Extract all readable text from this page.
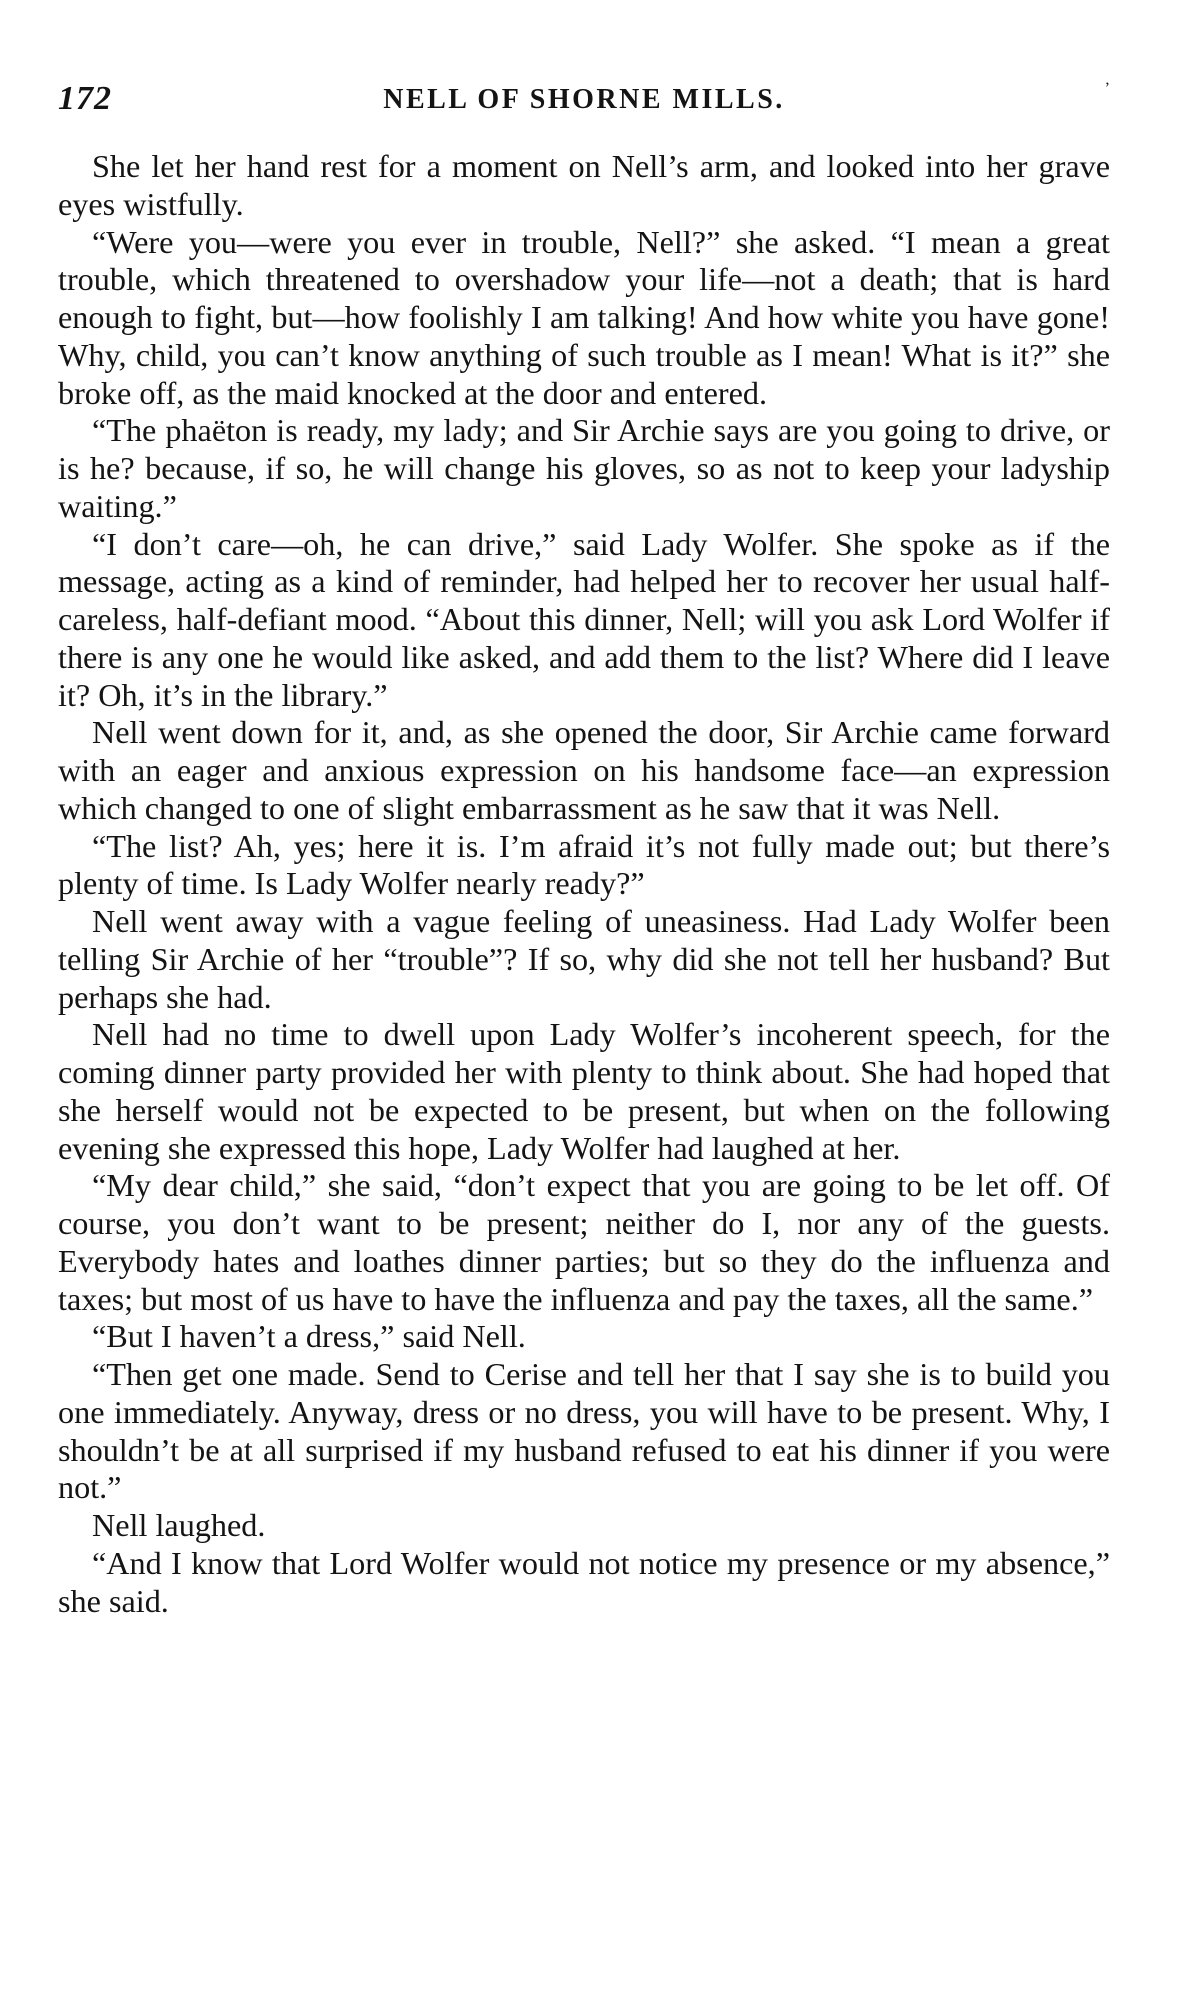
172	NELL OF SHORNE MILLS.	ʼ

She let her hand rest for a moment on Nell’s arm, and looked into her grave eyes wistfully.

“Were you—were you ever in trouble, Nell?” she asked. “I mean a great trouble, which threatened to overshadow your life—not a death; that is hard enough to fight, but—how foolishly I am talking! And how white you have gone! Why, child, you can’t know anything of such trouble as I mean! What is it?” she broke off, as the maid knocked at the door and entered.

“The phaëton is ready, my lady; and Sir Archie says are you going to drive, or is he? because, if so, he will change his gloves, so as not to keep your ladyship waiting.”

“I don’t care—oh, he can drive,” said Lady Wolfer. She spoke as if the message, acting as a kind of reminder, had helped her to recover her usual half-careless, half-defiant mood. “About this dinner, Nell; will you ask Lord Wolfer if there is any one he would like asked, and add them to the list? Where did I leave it? Oh, it’s in the library.”

Nell went down for it, and, as she opened the door, Sir Archie came forward with an eager and anxious expression on his handsome face—an expression which changed to one of slight embarrassment as he saw that it was Nell.

“The list? Ah, yes; here it is. I’m afraid it’s not fully made out; but there’s plenty of time. Is Lady Wolfer nearly ready?”

Nell went away with a vague feeling of uneasiness. Had Lady Wolfer been telling Sir Archie of her “trouble”? If so, why did she not tell her husband? But perhaps she had.

Nell had no time to dwell upon Lady Wolfer’s incoherent speech, for the coming dinner party provided her with plenty to think about. She had hoped that she herself would not be expected to be present, but when on the following evening she expressed this hope, Lady Wolfer had laughed at her.

“My dear child,” she said, “don’t expect that you are going to be let off. Of course, you don’t want to be present; neither do I, nor any of the guests. Everybody hates and loathes dinner parties; but so they do the influenza and taxes; but most of us have to have the influenza and pay the taxes, all the same.”

“But I haven’t a dress,” said Nell.

“Then get one made. Send to Cerise and tell her that I say she is to build you one immediately. Anyway, dress or no dress, you will have to be present. Why, I shouldn’t be at all surprised if my husband refused to eat his dinner if you were not.”

Nell laughed.

“And I know that Lord Wolfer would not notice my presence or my absence,” she said.
